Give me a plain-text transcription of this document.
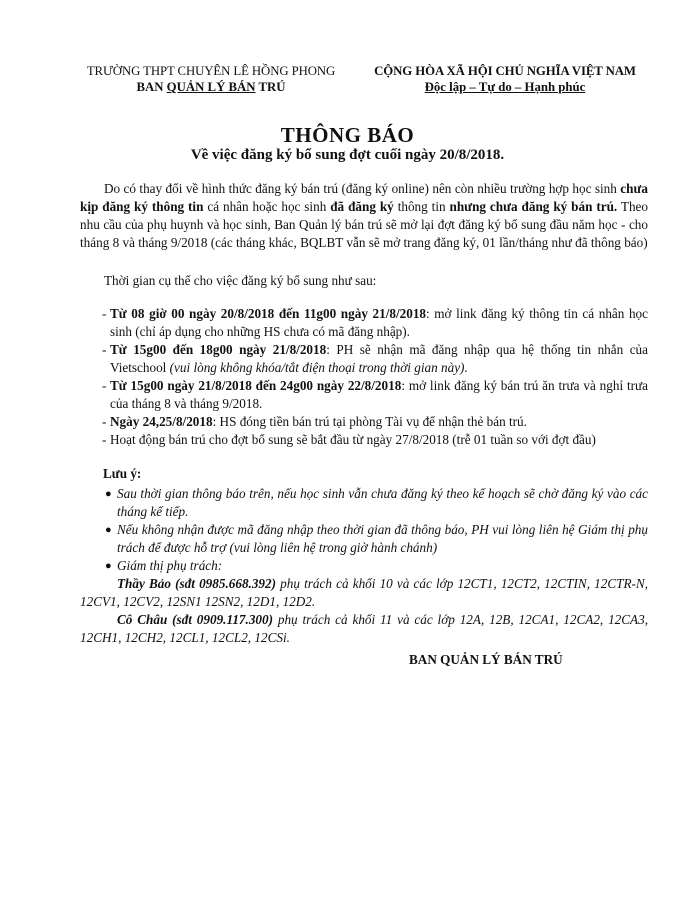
TRƯỜNG THPT CHUYÊN LÊ HỒNG PHONG
BAN QUẢN LÝ BÁN TRÚ
CỘNG HÒA XÃ HỘI CHỦ NGHĨA VIỆT NAM
Độc lập – Tự do – Hạnh phúc
THÔNG BÁO
Về việc đăng ký bổ sung đợt cuối ngày 20/8/2018.
Do có thay đổi về hình thức đăng ký bán trú (đăng ký online) nên còn nhiều trường hợp học sinh chưa kịp đăng ký thông tin cá nhân hoặc học sinh đã đăng ký thông tin nhưng chưa đăng ký bán trú. Theo nhu cầu của phụ huynh và học sinh, Ban Quản lý bán trú sẽ mở lại đợt đăng ký bổ sung đầu năm học - cho tháng 8 và tháng 9/2018 (các tháng khác, BQLBT vẫn sẽ mở trang đăng ký, 01 lần/tháng như đã thông báo)
Thời gian cụ thể cho việc đăng ký bổ sung như sau:
- Từ 08 giờ 00 ngày 20/8/2018 đến 11g00 ngày 21/8/2018: mở link đăng ký thông tin cá nhân học sinh (chỉ áp dụng cho những HS chưa có mã đăng nhập).
- Từ 15g00 đến 18g00 ngày 21/8/2018: PH sẽ nhận mã đăng nhập qua hệ thống tin nhắn của Vietschool (vui lòng không khóa/tắt điện thoại trong thời gian này).
- Từ 15g00 ngày 21/8/2018 đến 24g00 ngày 22/8/2018: mở link đăng ký bán trú ăn trưa và nghỉ trưa của tháng 8 và tháng 9/2018.
- Ngày 24,25/8/2018: HS đóng tiền bán trú tại phòng Tài vụ để nhận thẻ bán trú.
- Hoạt động bán trú cho đợt bổ sung sẽ bắt đầu từ ngày 27/8/2018 (trễ 01 tuần so với đợt đầu)
Lưu ý:
● Sau thời gian thông báo trên, nếu học sinh vẫn chưa đăng ký theo kế hoạch sẽ chờ đăng ký vào các tháng kế tiếp.
● Nếu không nhận được mã đăng nhập theo thời gian đã thông báo, PH vui lòng liên hệ Giám thị phụ trách để được hỗ trợ (vui lòng liên hệ trong giờ hành chánh)
● Giám thị phụ trách:
Thầy Bảo (sđt 0985.668.392) phụ trách cả khối 10 và các lớp 12CT1, 12CT2, 12CTIN, 12CTR-N, 12CV1, 12CV2, 12SN1 12SN2, 12D1, 12D2.
Cô Châu (sđt 0909.117.300) phụ trách cả khối 11 và các lớp 12A, 12B, 12CA1, 12CA2, 12CA3, 12CH1, 12CH2, 12CL1, 12CL2, 12CSi.
BAN QUẢN LÝ BÁN TRÚ
